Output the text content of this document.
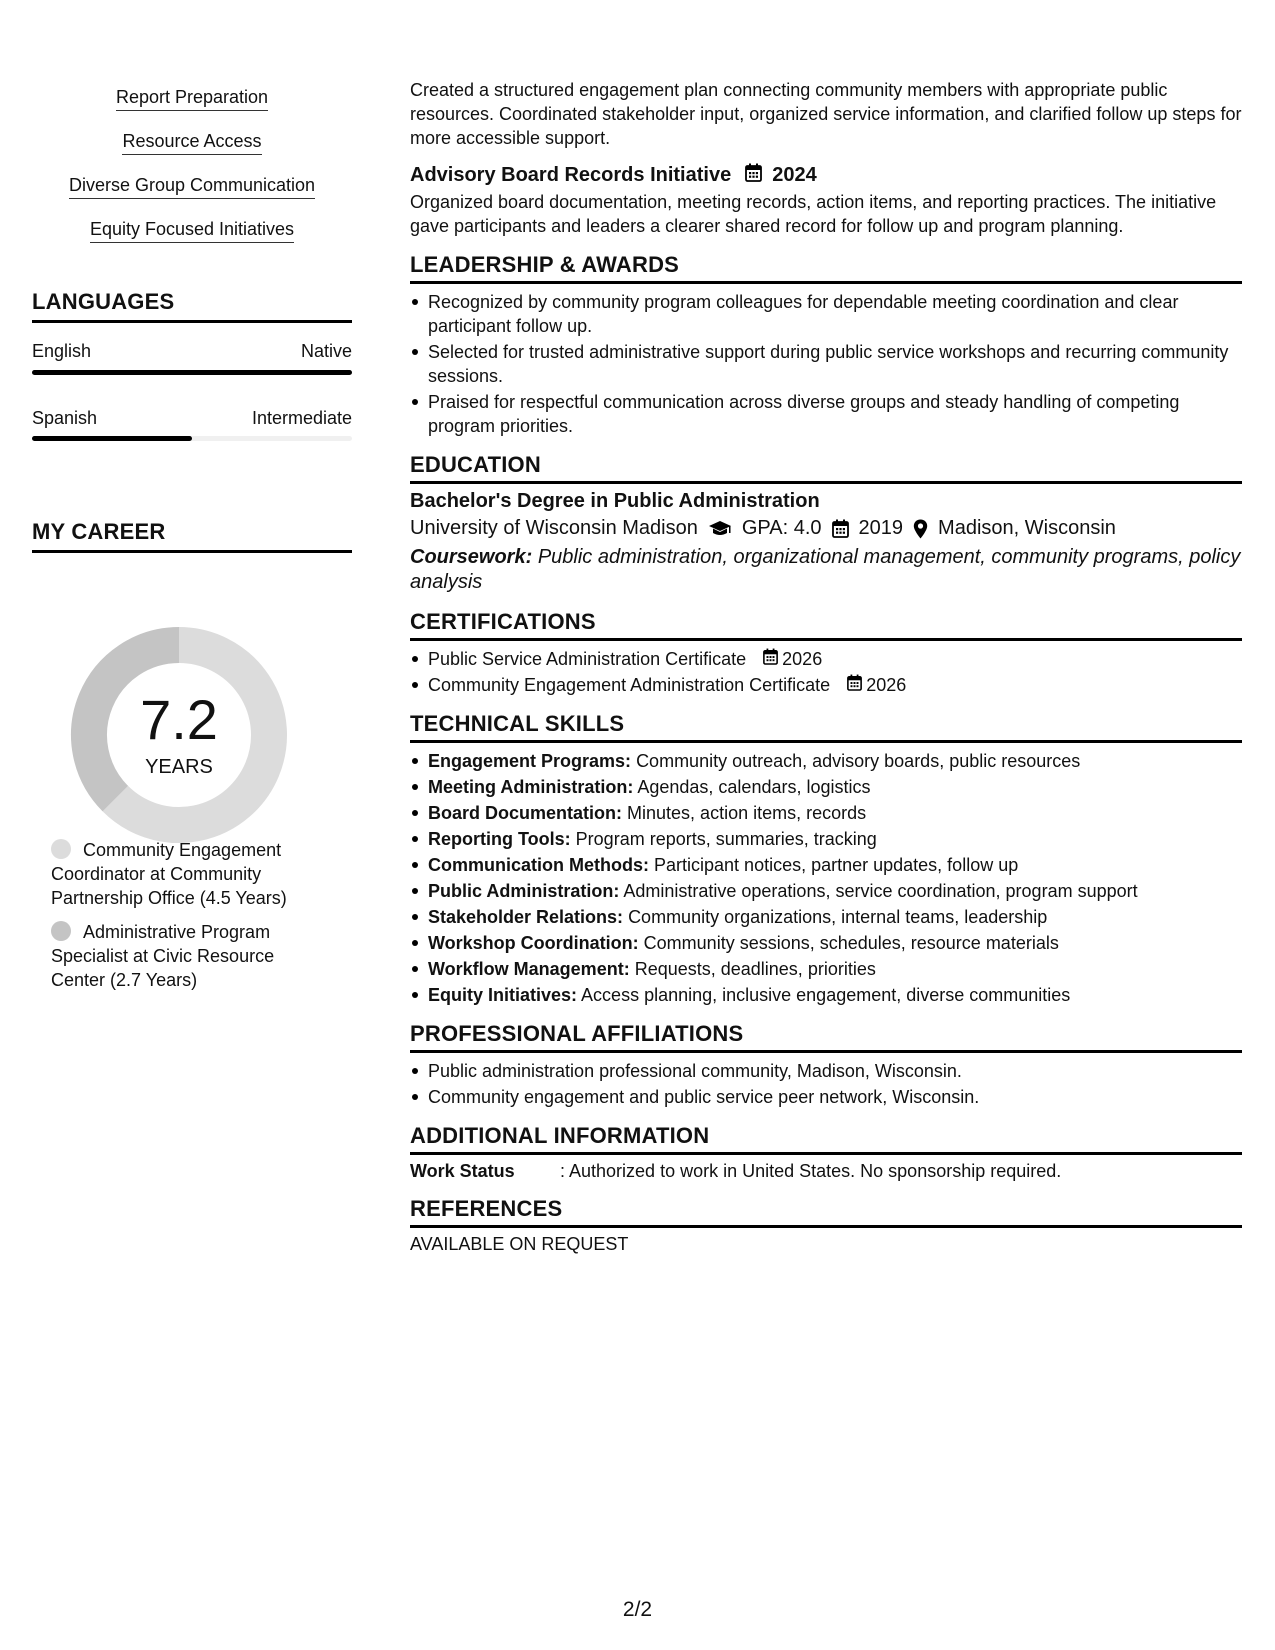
Report Preparation
Resource Access
Diverse Group Communication
Equity Focused Initiatives
LANGUAGES
English	Native
Spanish	Intermediate
MY CAREER
7.2
YEARS
Community Engagement Coordinator at Community Partnership Office (4.5 Years)
Administrative Program Specialist at Civic Resource Center (2.7 Years)

Created a structured engagement plan connecting community members with appropriate public resources. Coordinated stakeholder input, organized service information, and clarified follow up steps for more accessible support.

Advisory Board Records Initiative 2024

Organized board documentation, meeting records, action items, and reporting practices. The initiative gave participants and leaders a clearer shared record for follow up and program planning.

LEADERSHIP & AWARDS
Recognized by community program colleagues for dependable meeting coordination and clear participant follow up.
Selected for trusted administrative support during public service workshops and recurring community sessions.
Praised for respectful communication across diverse groups and steady handling of competing program priorities.
EDUCATION
Bachelor's Degree in Public Administration
University of Wisconsin Madison GPA: 4.0 2019 Madison, Wisconsin
Coursework: Public administration, organizational management, community programs, policy analysis
CERTIFICATIONS
Public Service Administration Certificate 2026
Community Engagement Administration Certificate 2026
TECHNICAL SKILLS
Engagement Programs: Community outreach, advisory boards, public resources
Meeting Administration: Agendas, calendars, logistics
Board Documentation: Minutes, action items, records
Reporting Tools: Program reports, summaries, tracking
Communication Methods: Participant notices, partner updates, follow up
Public Administration: Administrative operations, service coordination, program support
Stakeholder Relations: Community organizations, internal teams, leadership
Workshop Coordination: Community sessions, schedules, resource materials
Workflow Management: Requests, deadlines, priorities
Equity Initiatives: Access planning, inclusive engagement, diverse communities
PROFESSIONAL AFFILIATIONS
Public administration professional community, Madison, Wisconsin.
Community engagement and public service peer network, Wisconsin.
ADDITIONAL INFORMATION
Work Status	: Authorized to work in United States. No sponsorship required.
REFERENCES
AVAILABLE ON REQUEST
2/2
